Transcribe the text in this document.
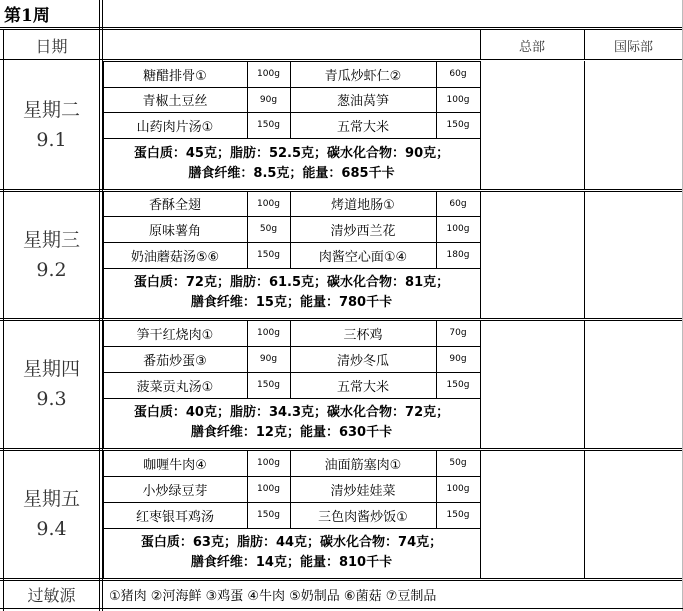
第1周
日期	总部	国际部
星期二
9.1
糖醋排骨①	100g	青瓜炒虾仁②	60g
青椒土豆丝	90g	葱油莴笋	100g
山药肉片汤①	150g	五常大米	150g
蛋白质：45克；脂肪：52.5克；碳水化合物：90克；
膳食纤维：8.5克；能量：685千卡
星期三
9.2
香酥全翅	100g	烤道地肠①	60g
原味薯角	50g	清炒西兰花	100g
奶油蘑菇汤⑤⑥	150g	肉酱空心面①④	180g
蛋白质：72克；脂肪：61.5克；碳水化合物：81克；
膳食纤维：15克；能量：780千卡
星期四
9.3
笋干红烧肉①	100g	三杯鸡	70g
番茄炒蛋③	90g	清炒冬瓜	90g
菠菜贡丸汤①	150g	五常大米	150g
蛋白质：40克；脂肪：34.3克；碳水化合物：72克；
膳食纤维：12克；能量：630千卡
星期五
9.4
咖喱牛肉④	100g	油面筋塞肉①	50g
小炒绿豆芽	100g	清炒娃娃菜	100g
红枣银耳鸡汤	150g	三色肉酱炒饭①	150g
蛋白质：63克；脂肪：44克；碳水化合物：74克；
膳食纤维：14克；能量：810千卡
过敏源	①猪肉 ②河海鲜 ③鸡蛋 ④牛肉 ⑤奶制品 ⑥菌菇 ⑦豆制品
